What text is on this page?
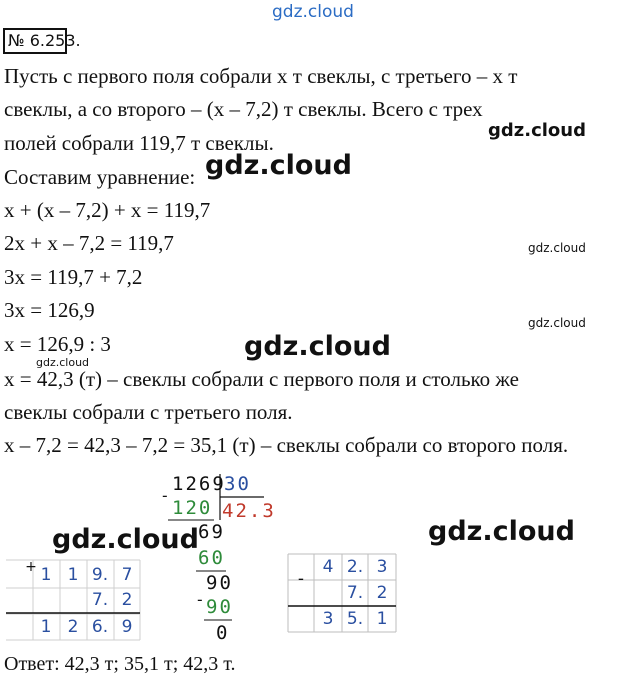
gdz.cloud
gdz.cloud
gdz.cloud
gdz.cloud
gdz.cloud
gdz.cloud
gdz.cloud
gdz.cloud
gdz.cloud
№ 6.253.
Пусть с первого поля собрали x т свеклы, с третьего – x т
свеклы, а со второго – (x – 7,2) т свеклы. Всего с трех
полей собрали 119,7 т свеклы.
Составим уравнение:
x + (x – 7,2) + x = 119,7
2x + x – 7,2 = 119,7
3x = 119,7 + 7,2
3x = 126,9
x = 126,9 : 3
x = 42,3 (т) – свеклы собрали с первого поля и столько же
свеклы собрали с третьего поля.
x – 7,2 = 42,3 – 7,2 = 35,1 (т) – свеклы собрали со второго поля.
-
1269
30
120 42.3
69
60
90
- 90
0
+ 1 1 9. 7
7. 2
1 2 6. 9
-
4 2. 3
7. 2
3 5. 1
Ответ: 42,3 т; 35,1 т; 42,3 т.
